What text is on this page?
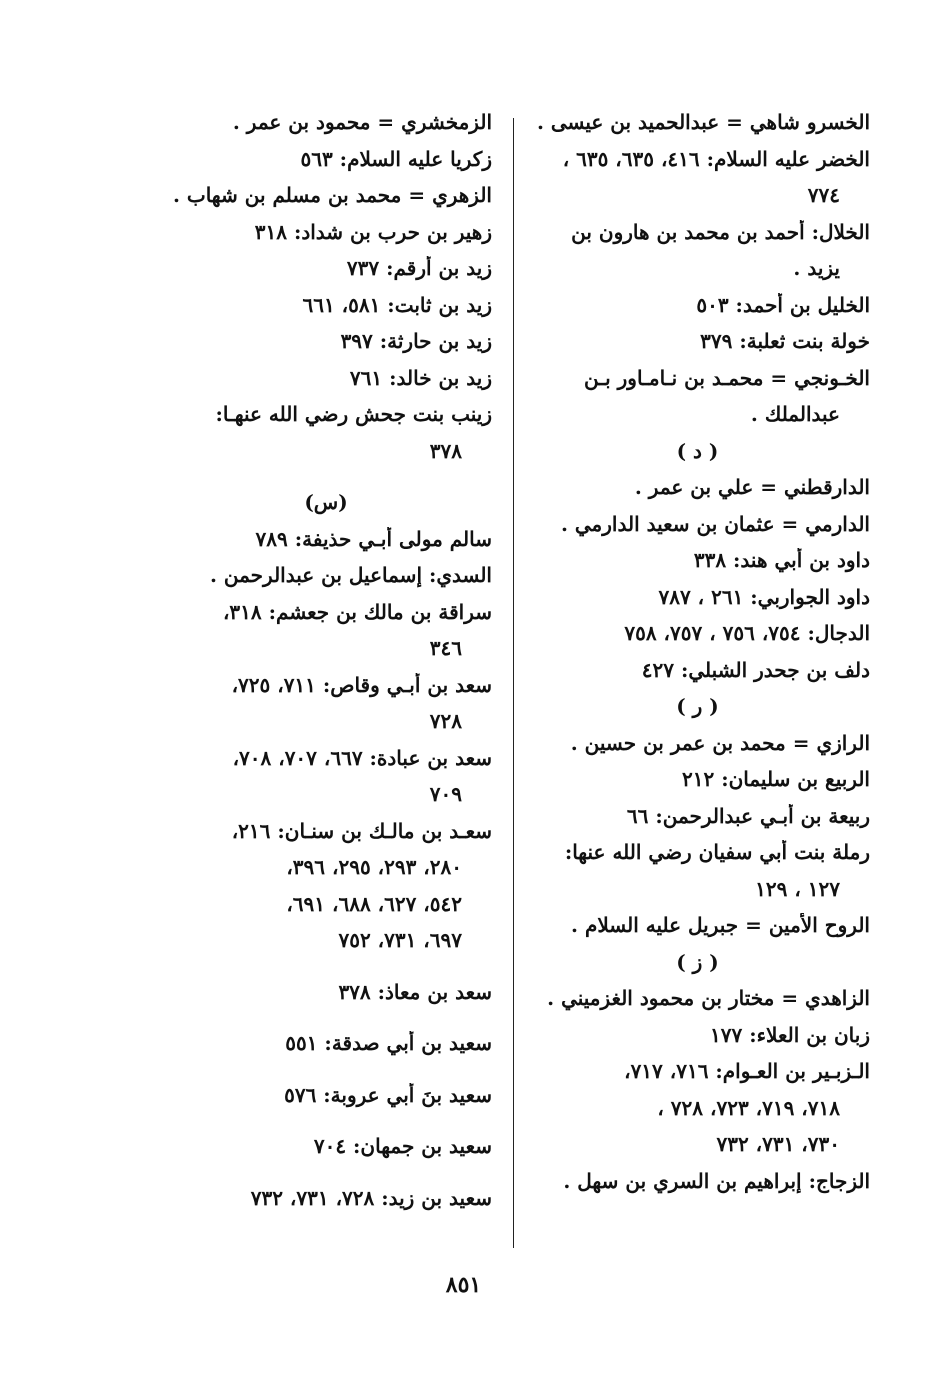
الخسرو شاهي = عبدالحميد بن عيسى .
الخضر عليه السلام: ٤١٦، ٦٣٥، ٦٣٥ ،
٧٧٤
الخلال: أحمد بن محمد بن هارون بن
يزيد .
الخليل بن أحمد: ٥٠٣
خولة بنت ثعلبة: ٣٧٩
الخـونجي = محمـد بن نـامـاور بـن
عبدالملك .
( د )
الدارقطني = علي بن عمر .
الدارمي = عثمان بن سعيد الدارمي .
داود بن أبي هند: ٣٣٨
داود الجواربي: ٢٦١ ، ٧٨٧
الدجال: ٧٥٤، ٧٥٦ ، ٧٥٧، ٧٥٨
دلف بن جحدر الشبلي: ٤٢٧
( ر )
الرازي = محمد بن عمر بن حسين .
الربيع بن سليمان: ٢١٢
ربيعة بن أبـي عبدالرحمن: ٦٦
رملة بنت أبي سفيان رضي الله عنها:
١٢٧ ، ١٢٩
الروح الأمين = جبريل عليه السلام .
( ز )
الزاهدي = مختار بن محمود الغزميني .
زبان بن العلاء: ١٧٧
الـزبـير بن العـوام: ٧١٦، ٧١٧،
٧١٨، ٧١٩، ٧٢٣، ٧٢٨ ،
٧٣٠، ٧٣١، ٧٣٢
الزجاج: إبراهيم بن السري بن سهل .
الزمخشري = محمود بن عمر .
زكريا عليه السلام: ٥٦٣
الزهري = محمد بن مسلم بن شهاب .
زهير بن حرب بن شداد: ٣١٨
زيد بن أرقم: ٧٣٧
زيد بن ثابت: ٥٨١، ٦٦١
زيد بن حارثة: ٣٩٧
زيد بن خالد: ٧٦١
زينب بنت جحش رضي الله عنهـا:
٣٧٨
(س)
سالم مولى أبـي حذيفة: ٧٨٩
السدي: إسماعيل بن عبدالرحمن .
سراقة بن مالك بن جعشم: ٣١٨،
٣٤٦
سعد بن أبـي وقاص: ٧١١، ٧٢٥،
٧٢٨
سعد بن عبادة: ٦٦٧، ٧٠٧، ٧٠٨،
٧٠٩
سعـد بن مالـك بن سنـان: ٢١٦،
٢٨٠، ٢٩٣، ٢٩٥، ٣٩٦،
٥٤٢، ٦٢٧، ٦٨٨، ٦٩١،
٦٩٧، ٧٣١، ٧٥٢
سعد بن معاذ: ٣٧٨
سعيد بن أبي صدقة: ٥٥١
سعيد بنَ أبي عروبة: ٥٧٦
سعيد بن جمهان: ٧٠٤
سعيد بن زيد: ٧٢٨، ٧٣١، ٧٣٢
٨٥١
